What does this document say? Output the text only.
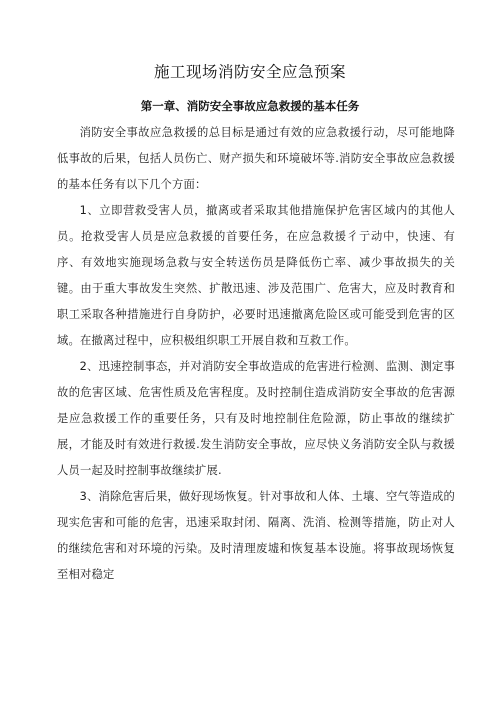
施工现场消防安全应急预案
第一章、消防安全事故应急救援的基本任务

消防安全事故应急救援的总目标是通过有效的应急救援行动，尽可能地降低事故的后果，包括人员伤亡、财产损失和环境破坏等.消防安全事故应急救援的基本任务有以下几个方面：

1、立即营救受害人员，撤离或者采取其他措施保护危害区域内的其他人员。抢救受害人员是应急救援的首要任务，在应急救援彳亍动中，快速、有序、有效地实施现场急救与安全转送伤员是降低伤亡率、减少事故损失的关键。由于重大事故发生突然、扩散迅速、涉及范围广、危害大，应及时教育和职工采取各种措施进行自身防护，必要时迅速撤离危险区或可能受到危害的区域。在撤离过程中，应积极组织职工开展自救和互救工作。

2、迅速控制事态，并对消防安全事故造成的危害进行检测、监测、测定事故的危害区域、危害性质及危害程度。及时控制住造成消防安全事故的危害源是应急救援工作的重要任务，只有及时地控制住危险源，防止事故的继续扩展，才能及时有效进行救援.发生消防安全事故，应尽快义务消防安全队与救援人员一起及时控制事故继续扩展.

3、消除危害后果，做好现场恢复。针对事故和人体、土壤、空气等造成的现实危害和可能的危害，迅速采取封闭、隔离、洗消、检测等措施，防止对人的继续危害和对环境的污染。及时清理废墟和恢复基本设施。将事故现场恢复至相对稳定
